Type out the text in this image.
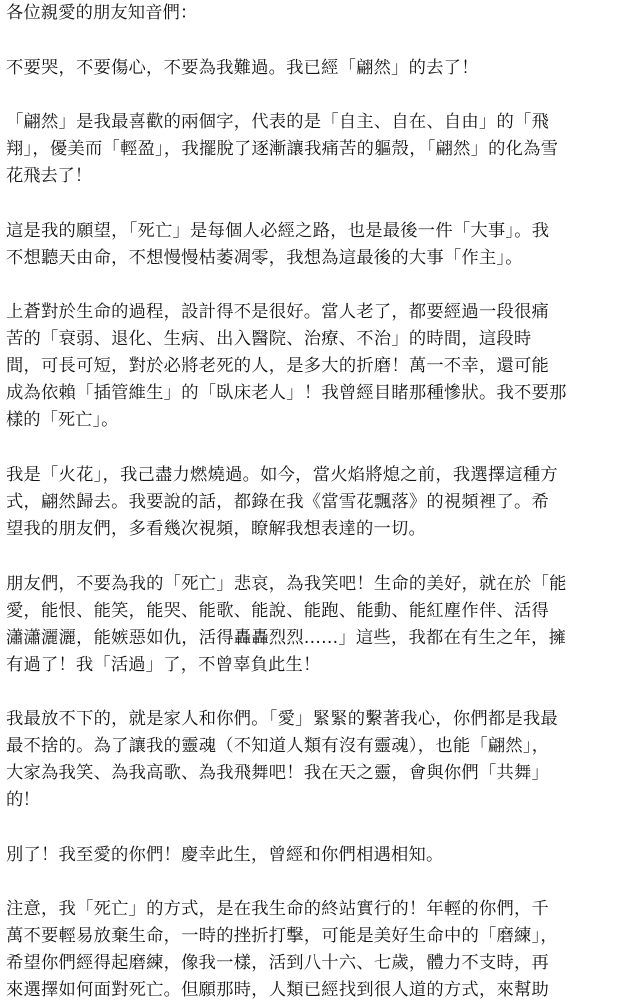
各位親愛的朋友知音們：
不要哭，不要傷心，不要為我難過。我已經「翩然」的去了！
「翩然」是我最喜歡的兩個字，代表的是「自主、自在、自由」的「飛
翔」，優美而「輕盈」，我擺脫了逐漸讓我痛苦的軀殼，「翩然」的化為雪
花飛去了！
這是我的願望，「死亡」是每個人必經之路，也是最後一件「大事」。我
不想聽天由命，不想慢慢枯萎凋零，我想為這最後的大事「作主」。
上蒼對於生命的過程，設計得不是很好。當人老了，都要經過一段很痛
苦的「衰弱、退化、生病、出入醫院、治療、不治」的時間，這段時
間，可長可短，對於必將老死的人，是多大的折磨！萬一不幸，還可能
成為依賴「插管維生」的「臥床老人」！我曾經目睹那種慘狀。我不要那
樣的「死亡」。
我是「火花」，我己盡力燃燒過。如今，當火焰將熄之前，我選擇這種方
式，翩然歸去。我要說的話，都錄在我《當雪花飄落》的視頻裡了。希
望我的朋友們，多看幾次視頻，瞭解我想表達的一切。
朋友們，不要為我的「死亡」悲哀，為我笑吧！生命的美好，就在於「能
愛，能恨、能笑，能哭、能歌、能說、能跑、能動、能紅塵作伴、活得
瀟瀟灑灑，能嫉惡如仇，活得轟轟烈烈......」這些，我都在有生之年，擁
有過了！我「活過」了，不曾辜負此生！
我最放不下的，就是家人和你們。「愛」緊緊的繫著我心，你們都是我最
最不捨的。為了讓我的靈魂（不知道人類有沒有靈魂），也能「翩然」，
大家為我笑、為我高歌、為我飛舞吧！我在天之靈，會與你們「共舞」
的！
別了！我至愛的你們！慶幸此生，曾經和你們相遇相知。
注意，我「死亡」的方式，是在我生命的終站實行的！年輕的你們，千
萬不要輕易放棄生命，一時的挫折打擊，可能是美好生命中的「磨練」，
希望你們經得起磨練，像我一樣，活到八十六、七歲，體力不支時，再
來選擇如何面對死亡。但願那時，人類已經找到很人道的方式，來幫助
